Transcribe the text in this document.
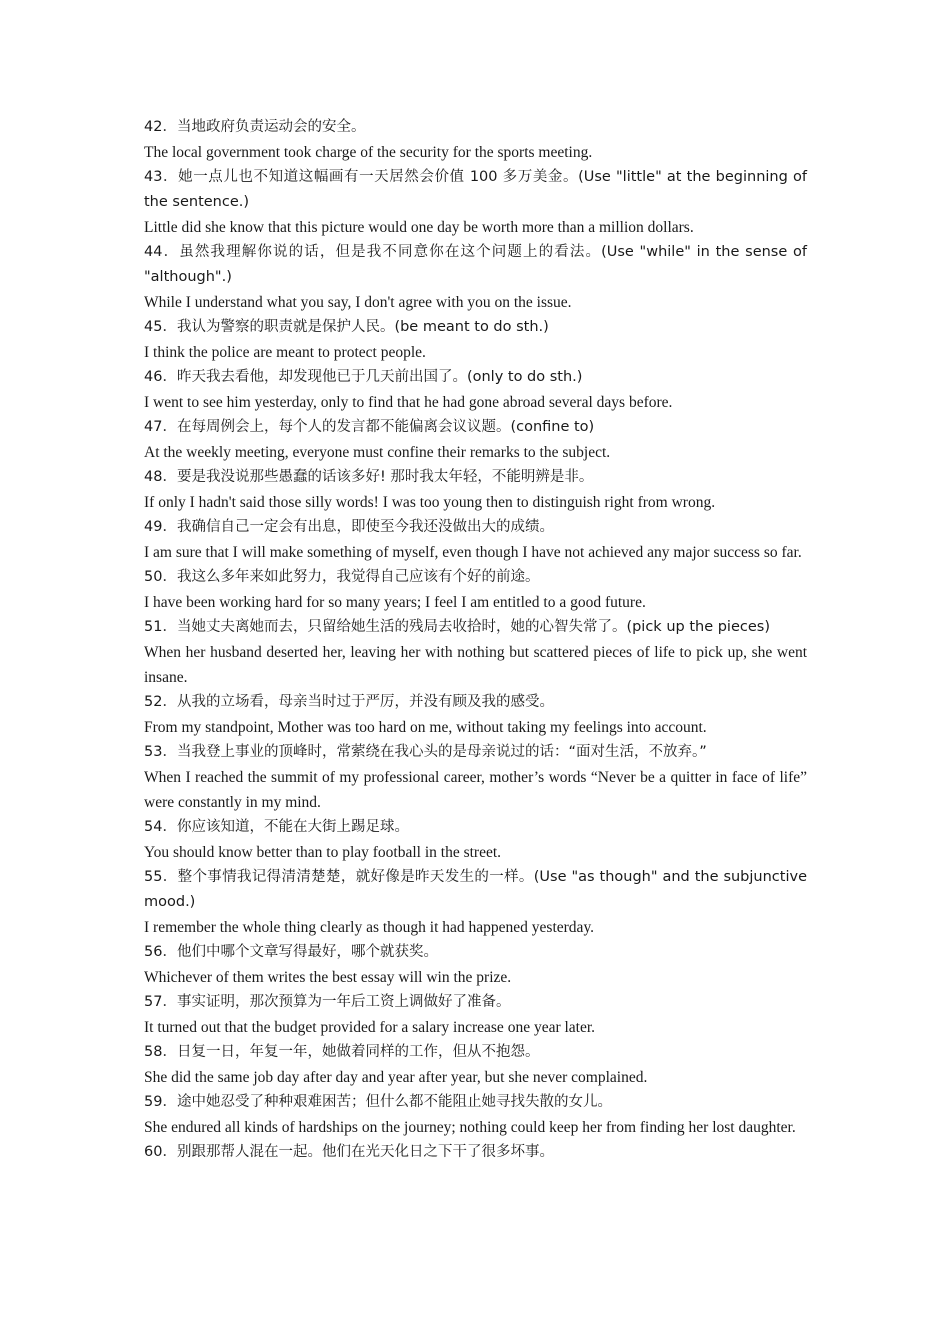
42．当地政府负责运动会的安全。

The local government took charge of the security for the sports meeting.

43．她一点儿也不知道这幅画有一天居然会价值 100 多万美金。(Use "little" at the beginning of the sentence.)

Little did she know that this picture would one day be worth more than a million dollars.

44．虽然我理解你说的话，但是我不同意你在这个问题上的看法。(Use "while" in the sense of "although".)

While I understand what you say, I don't agree with you on the issue.

45．我认为警察的职责就是保护人民。(be meant to do sth.)

I think the police are meant to protect people.

46．昨天我去看他，却发现他已于几天前出国了。(only to do sth.)

I went to see him yesterday, only to find that he had gone abroad several days before.

47．在每周例会上，每个人的发言都不能偏离会议议题。(confine to)

At the weekly meeting, everyone must confine their remarks to the subject.

48．要是我没说那些愚蠢的话该多好! 那时我太年轻，不能明辨是非。

If only I hadn't said those silly words! I was too young then to distinguish right from wrong.

49．我确信自己一定会有出息，即使至今我还没做出大的成绩。

I am sure that I will make something of myself, even though I have not achieved any major success so far.

50．我这么多年来如此努力，我觉得自己应该有个好的前途。

I have been working hard for so many years; I feel I am entitled to a good future.

51．当她丈夫离她而去，只留给她生活的残局去收拾时，她的心智失常了。(pick up the pieces)

When her husband deserted her, leaving her with nothing but scattered pieces of life to pick up, she went insane.

52．从我的立场看，母亲当时过于严厉，并没有顾及我的感受。

From my standpoint, Mother was too hard on me, without taking my feelings into account.

53．当我登上事业的顶峰时，常萦绕在我心头的是母亲说过的话：“面对生活，不放弃。”

When I reached the summit of my professional career, mother’s words “Never be a quitter in face of life” were constantly in my mind.

54．你应该知道，不能在大街上踢足球。

You should know better than to play football in the street.

55．整个事情我记得清清楚楚，就好像是昨天发生的一样。(Use "as though" and the subjunctive mood.)

I remember the whole thing clearly as though it had happened yesterday.

56．他们中哪个文章写得最好，哪个就获奖。

Whichever of them writes the best essay will win the prize.

57．事实证明，那次预算为一年后工资上调做好了准备。

It turned out that the budget provided for a salary increase one year later.

58．日复一日，年复一年，她做着同样的工作，但从不抱怨。

She did the same job day after day and year after year, but she never complained.

59．途中她忍受了种种艰难困苦；但什么都不能阻止她寻找失散的女儿。

She endured all kinds of hardships on the journey; nothing could keep her from finding her lost daughter.

60．别跟那帮人混在一起。他们在光天化日之下干了很多坏事。
